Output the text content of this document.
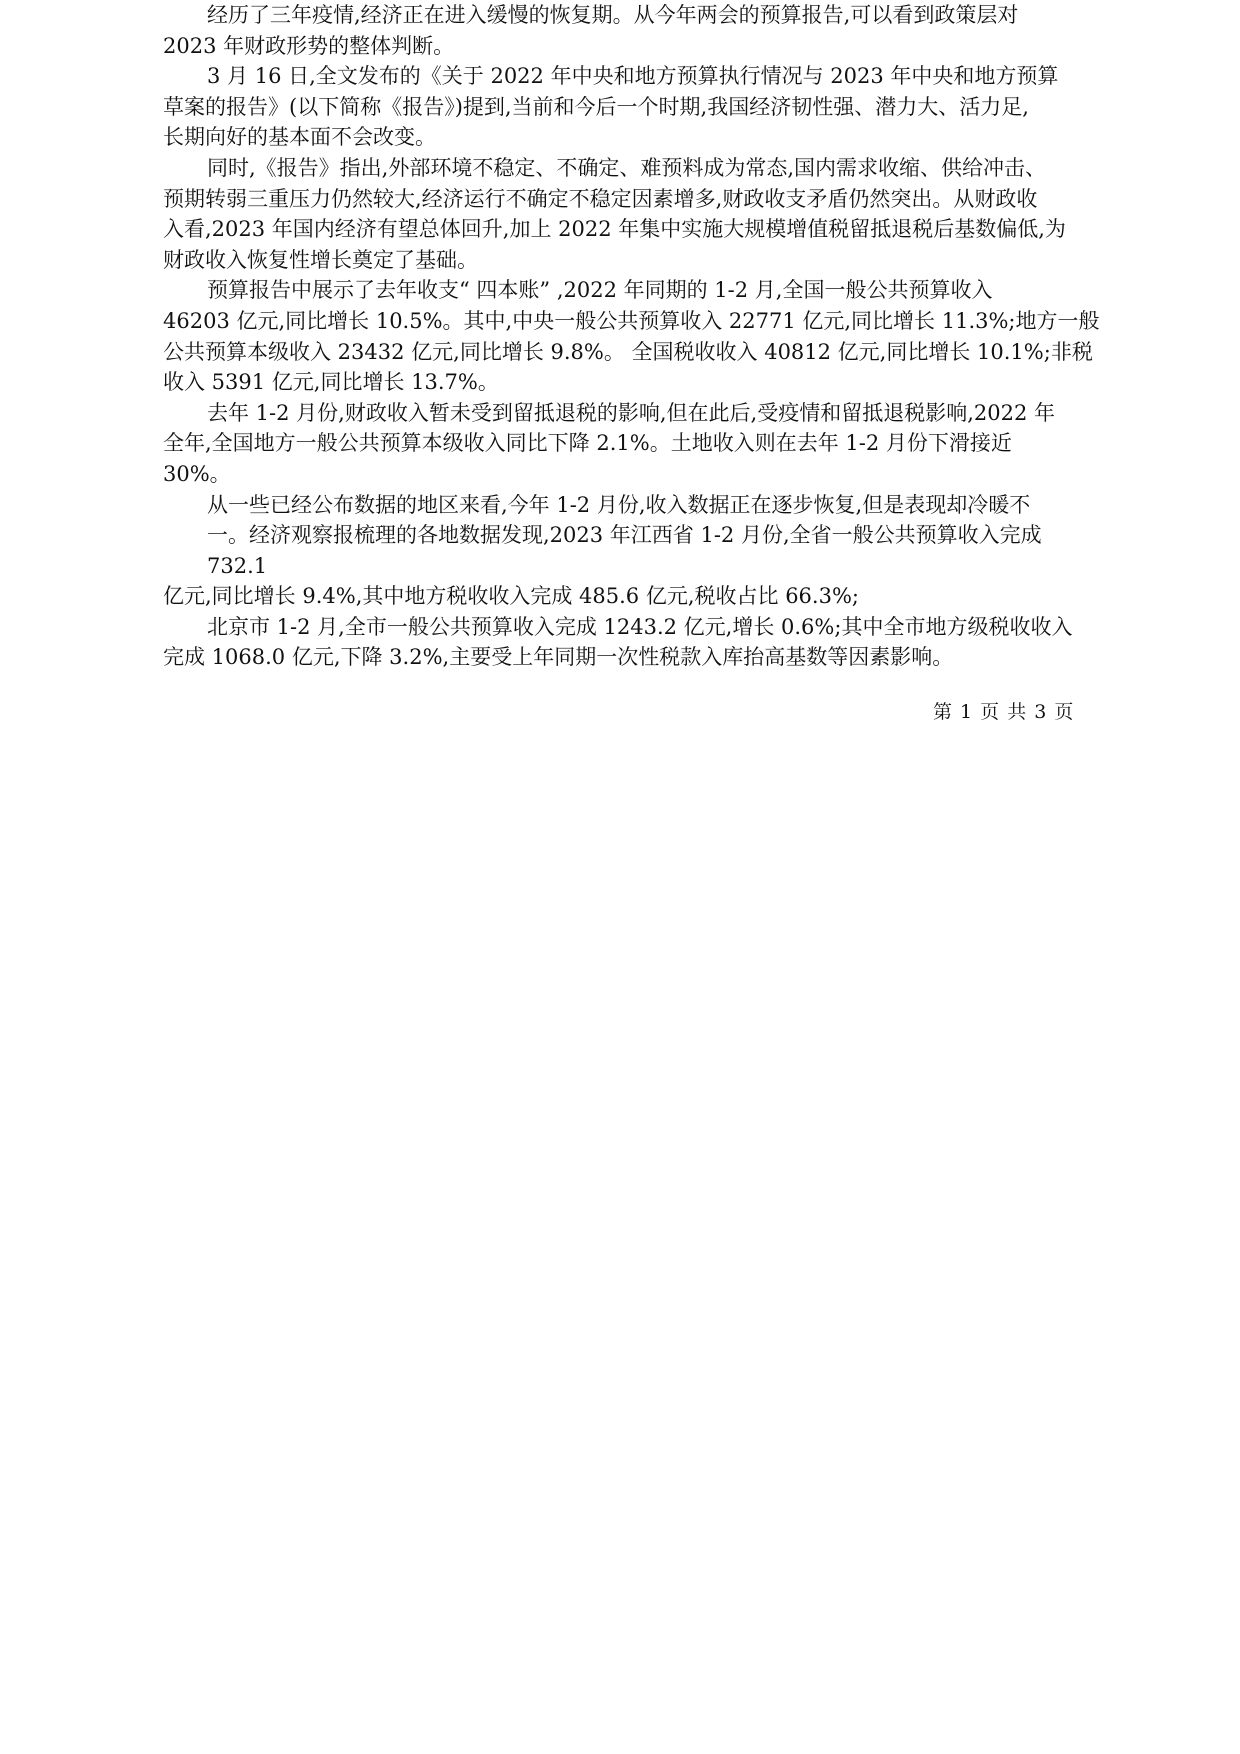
经历了三年疫情,经济正在进入缓慢的恢复期。从今年两会的预算报告,可以看到政策层对
2023 年财政形势的整体判断。
3 月 16 日,全文发布的《关于 2022 年中央和地方预算执行情况与 2023 年中央和地方预算
草案的报告》(以下简称《报告》)提到,当前和今后一个时期,我国经济韧性强、潜力大、活力足,
长期向好的基本面不会改变。
同时,《报告》指出,外部环境不稳定、不确定、难预料成为常态,国内需求收缩、供给冲击、
预期转弱三重压力仍然较大,经济运行不确定不稳定因素增多,财政收支矛盾仍然突出。从财政收
入看,2023 年国内经济有望总体回升,加上 2022 年集中实施大规模增值税留抵退税后基数偏低,为
财政收入恢复性增长奠定了基础。
预算报告中展示了去年收支“ 四本账” ,2022 年同期的 1-2 月,全国一般公共预算收入
46203 亿元,同比增长 10.5%。其中,中央一般公共预算收入 22771 亿元,同比增长 11.3%;地方一般
公共预算本级收入 23432 亿元,同比增长 9.8%。 全国税收收入 40812 亿元,同比增长 10.1%;非税
收入 5391 亿元,同比增长 13.7%。
去年 1-2 月份,财政收入暂未受到留抵退税的影响,但在此后,受疫情和留抵退税影响,2022 年
全年,全国地方一般公共预算本级收入同比下降 2.1%。土地收入则在去年 1-2 月份下滑接近
30%。
从一些已经公布数据的地区来看,今年 1-2 月份,收入数据正在逐步恢复,但是表现却冷暖不
一。经济观察报梳理的各地数据发现,2023 年江西省 1-2 月份,全省一般公共预算收入完成
732.1
亿元,同比增长 9.4%,其中地方税收收入完成 485.6 亿元,税收占比 66.3%;
北京市 1-2 月,全市一般公共预算收入完成 1243.2 亿元,增长 0.6%;其中全市地方级税收收入
完成 1068.0 亿元,下降 3.2%,主要受上年同期一次性税款入库抬高基数等因素影响。
第 1 页 共 3 页
